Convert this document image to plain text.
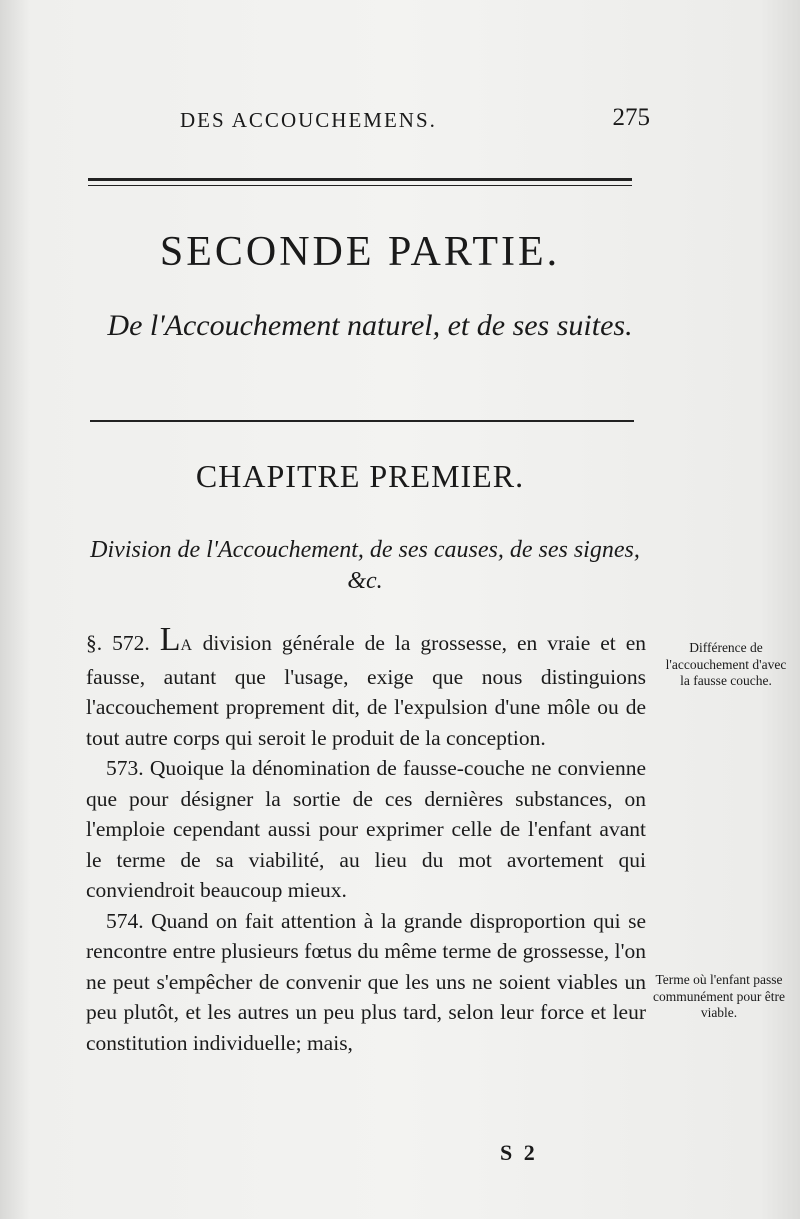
DES ACCOUCHEMENS.	275
SECONDE PARTIE.
De l'Accouchement naturel, et de ses suites.
CHAPITRE PREMIER.
Division de l'Accouchement, de ses causes, de ses signes, &c.

§. 572. LA division générale de la grossesse, en vraie et en fausse, autant que l'usage, exige que nous distinguions l'accouchement proprement dit, de l'expulsion d'une môle ou de tout autre corps qui seroit le produit de la conception.

573. Quoique la dénomination de fausse-couche ne convienne que pour désigner la sortie de ces dernières substances, on l'emploie cependant aussi pour exprimer celle de l'enfant avant le terme de sa viabilité, au lieu du mot avortement qui conviendroit beaucoup mieux.

574. Quand on fait attention à la grande disproportion qui se rencontre entre plusieurs fœtus du même terme de grossesse, l'on ne peut s'empêcher de convenir que les uns ne soient viables un peu plutôt, et les autres un peu plus tard, selon leur force et leur constitution individuelle; mais,

Différence de l'accouchement d'avec la fausse couche.
Terme où l'enfant passe communément pour être viable.
S 2
